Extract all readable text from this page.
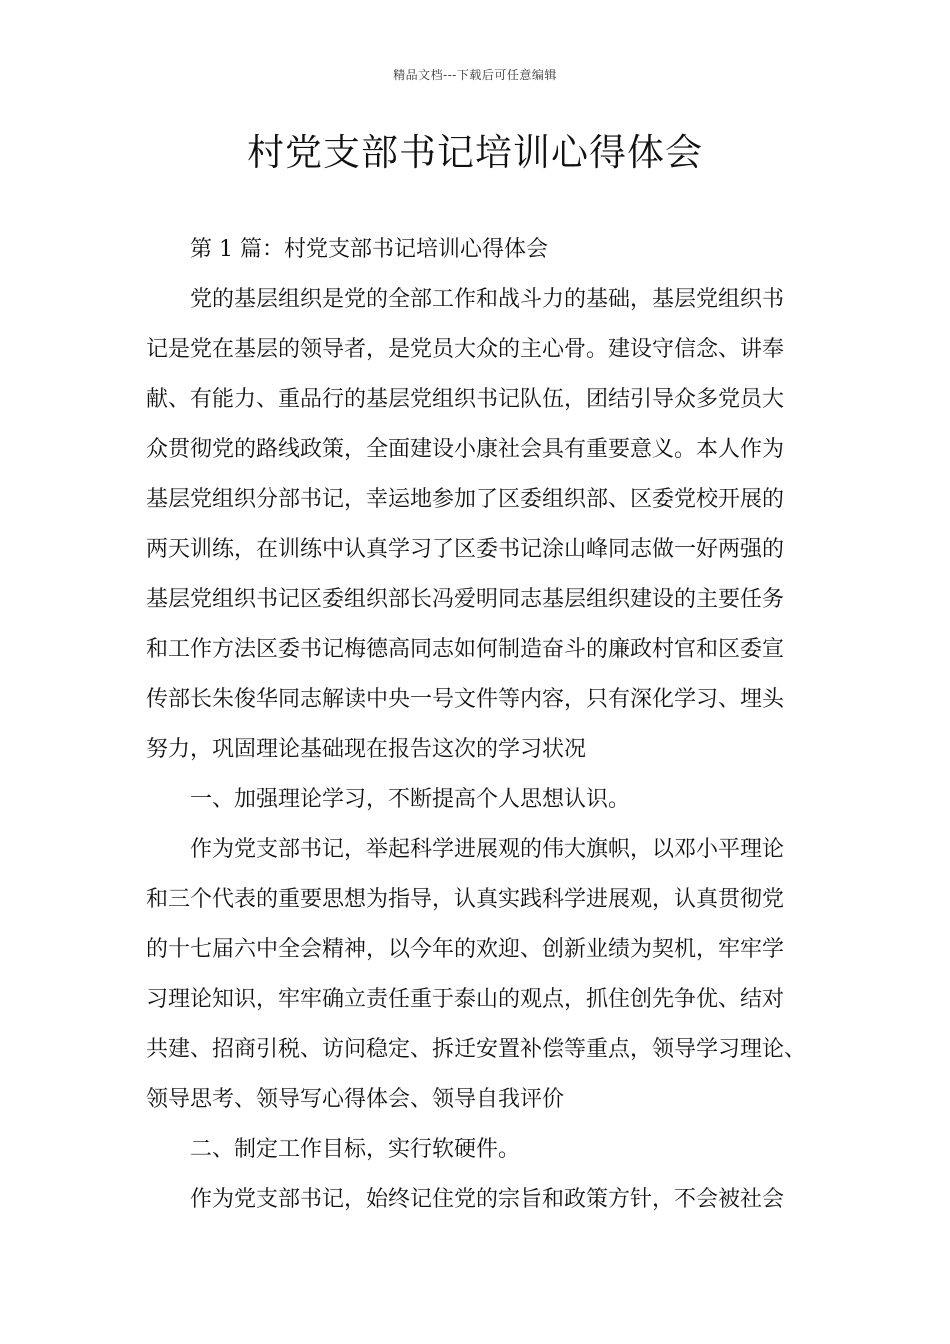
精品文档---下载后可任意编辑
村党支部书记培训心得体会

第 1 篇：村党支部书记培训心得体会

党的基层组织是党的全部工作和战斗力的基础，基层党组织书

记是党在基层的领导者，是党员大众的主心骨。建设守信念、讲奉

献、有能力、重品行的基层党组织书记队伍，团结引导众多党员大

众贯彻党的路线政策，全面建设小康社会具有重要意义。本人作为

基层党组织分部书记，幸运地参加了区委组织部、区委党校开展的

两天训练，在训练中认真学习了区委书记涂山峰同志做一好两强的

基层党组织书记区委组织部长冯爱明同志基层组织建设的主要任务

和工作方法区委书记梅德高同志如何制造奋斗的廉政村官和区委宣

传部长朱俊华同志解读中央一号文件等内容，只有深化学习、埋头

努力，巩固理论基础现在报告这次的学习状况

一、加强理论学习，不断提高个人思想认识。

作为党支部书记，举起科学进展观的伟大旗帜，以邓小平理论

和三个代表的重要思想为指导，认真实践科学进展观，认真贯彻党

的十七届六中全会精神，以今年的欢迎、创新业绩为契机，牢牢学

习理论知识，牢牢确立责任重于泰山的观点，抓住创先争优、结对

共建、招商引税、访问稳定、拆迁安置补偿等重点，领导学习理论、

领导思考、领导写心得体会、领导自我评价

二、制定工作目标，实行软硬件。

作为党支部书记，始终记住党的宗旨和政策方针，不会被社会
